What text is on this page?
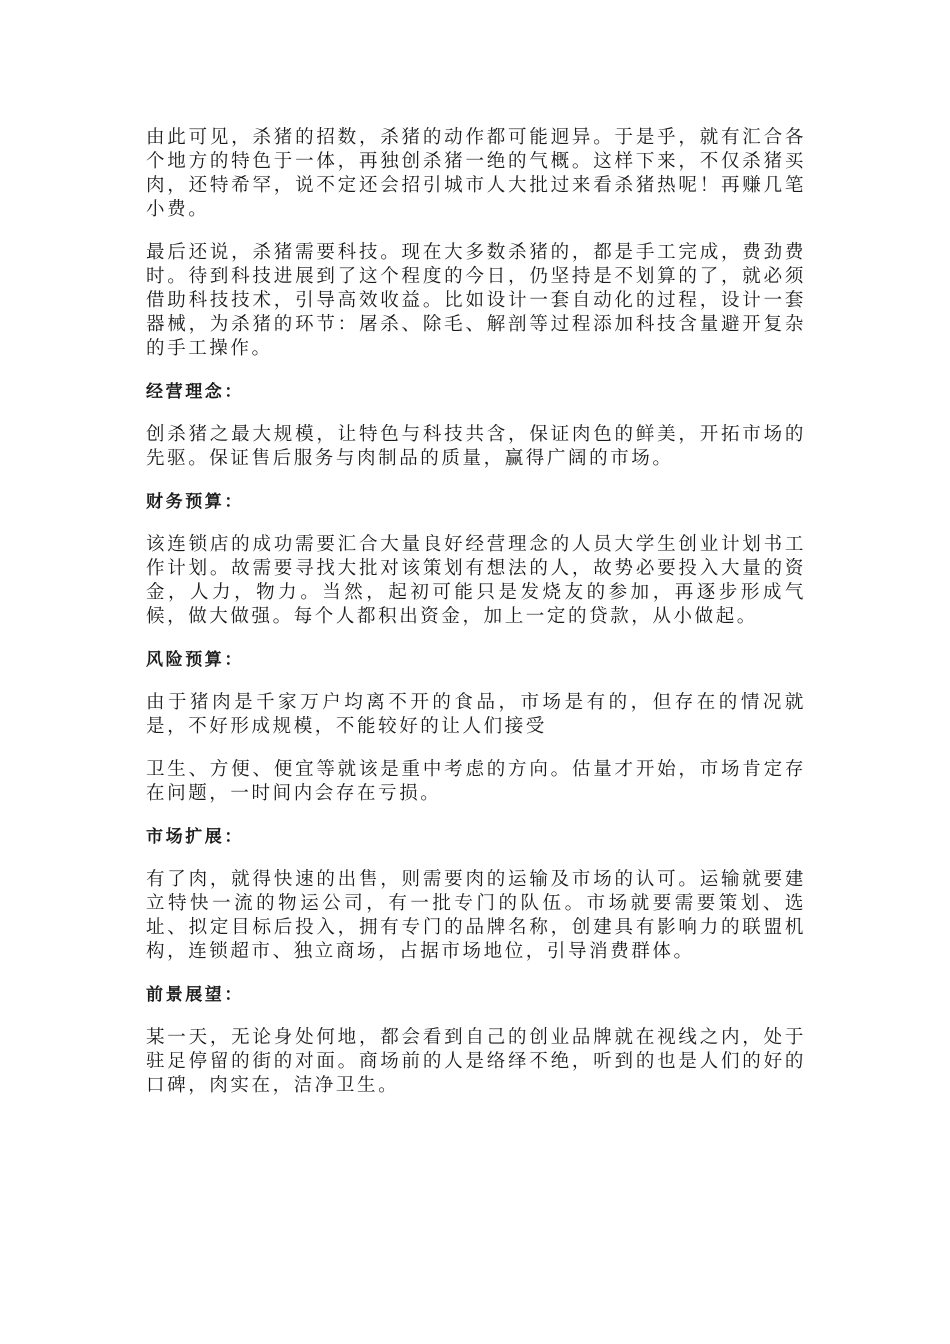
由此可见，杀猪的招数，杀猪的动作都可能迥异。于是乎，就有汇合各个地方的特色于一体，再独创杀猪一绝的气概。这样下来，不仅杀猪买肉，还特希罕，说不定还会招引城市人大批过来看杀猪热呢！再赚几笔小费。

最后还说，杀猪需要科技。现在大多数杀猪的，都是手工完成，费劲费时。待到科技进展到了这个程度的今日，仍坚持是不划算的了，就必须借助科技技术，引导高效收益。比如设计一套自动化的过程，设计一套器械，为杀猪的环节：屠杀、除毛、解剖等过程添加科技含量避开复杂的手工操作。

经营理念：

创杀猪之最大规模，让特色与科技共含，保证肉色的鲜美，开拓市场的先驱。保证售后服务与肉制品的质量，赢得广阔的市场。

财务预算：

该连锁店的成功需要汇合大量良好经营理念的人员大学生创业计划书工作计划。故需要寻找大批对该策划有想法的人，故势必要投入大量的资金，人力，物力。当然，起初可能只是发烧友的参加，再逐步形成气候，做大做强。每个人都积出资金，加上一定的贷款，从小做起。

风险预算：

由于猪肉是千家万户均离不开的食品，市场是有的，但存在的情况就是，不好形成规模，不能较好的让人们接受

卫生、方便、便宜等就该是重中考虑的方向。估量才开始，市场肯定存在问题，一时间内会存在亏损。

市场扩展：

有了肉，就得快速的出售，则需要肉的运输及市场的认可。运输就要建立特快一流的物运公司，有一批专门的队伍。市场就要需要策划、选址、拟定目标后投入，拥有专门的品牌名称，创建具有影响力的联盟机构，连锁超市、独立商场，占据市场地位，引导消费群体。

前景展望：

某一天，无论身处何地，都会看到自己的创业品牌就在视线之内，处于驻足停留的街的对面。商场前的人是络绎不绝，听到的也是人们的好的口碑，肉实在，洁净卫生。
